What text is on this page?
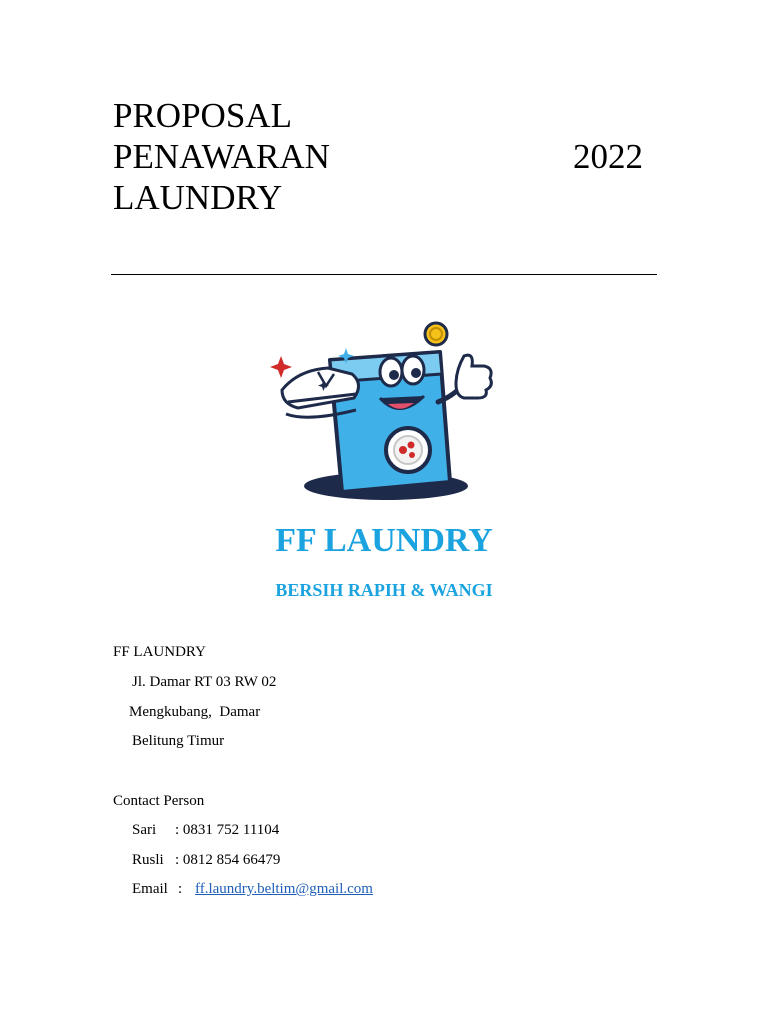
PROPOSAL
PENAWARAN
LAUNDRY
2022
FF LAUNDRY
BERSIH RAPIH & WANGI
FF LAUNDRY
Jl. Damar RT 03 RW 02
Mengkubang,  Damar
Belitung Timur
Contact Person
Sari : 0831 752 11104
Rusli : 0812 854 66479
Email : ff.laundry.beltim@gmail.com
